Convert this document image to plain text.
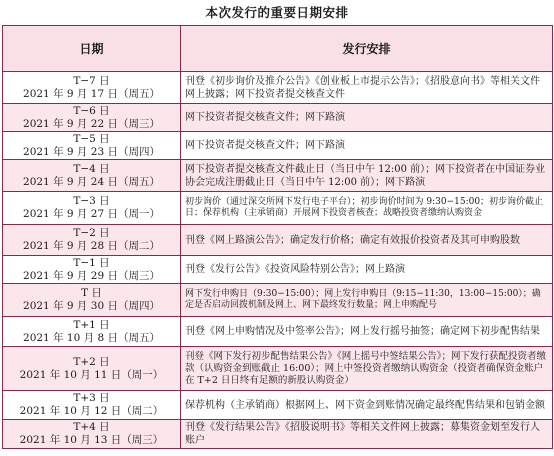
本次发行的重要日期安排
日期	发行安排

T−7 日
2021 年 9 月 17 日（周五）	刊登《初步询价及推介公告》《创业板上市提示公告》；《招股意向书》等相关文件网上披露；网下投资者提交核查文件

T−6 日
2021 年 9 月 22 日（周三）	网下投资者提交核查文件；网下路演

T−5 日
2021 年 9 月 23 日（周四）	网下投资者提交核查文件；网下路演

T−4 日
2021 年 9 月 24 日（周五）	网下投资者提交核查文件截止日（当日中午 12:00 前）；网下投资者在中国证券业协会完成注册截止日（当日中午 12:00 前）；网下路演

T−3 日
2021 年 9 月 27 日（周一）	初步询价（通过深交所网下发行电子平台）；初步询价时间为 9:30−15:00；初步询价截止日；保荐机构（主承销商）开展网下投资者核查；战略投资者缴纳认购资金

T−2 日
2021 年 9 月 28 日（周二）	刊登《网上路演公告》；确定发行价格；确定有效报价投资者及其可申购股数

T−1 日
2021 年 9 月 29 日（周三）	刊登《发行公告》《投资风险特别公告》；网上路演

T 日
2021 年 9 月 30 日（周四）	网下发行申购日（9:30−15:00）；网上发行申购日（9:15−11:30，13:00−15:00）；确定是否启动回拨机制及网上、网下最终发行数量；网上申购配号

T+1 日
2021 年 10 月 8 日（周五）	刊登《网上申购情况及中签率公告》；网上发行摇号抽签；确定网下初步配售结果

T+2 日
2021 年 10 月 11 日（周一）	刊登《网下发行初步配售结果公告》《网上摇号中签结果公告》；网下发行获配投资者缴款（认购资金到账截止 16:00）；网上中签投资者缴纳认购资金（投资者确保资金账户在 T+2 日日终有足额的新股认购资金）

T+3 日
2021 年 10 月 12 日（周二）	保荐机构（主承销商）根据网上、网下资金到账情况确定最终配售结果和包销金额

T+4 日
2021 年 10 月 13 日（周三）	刊登《发行结果公告》《招股说明书》等相关文件网上披露；募集资金划至发行人账户
